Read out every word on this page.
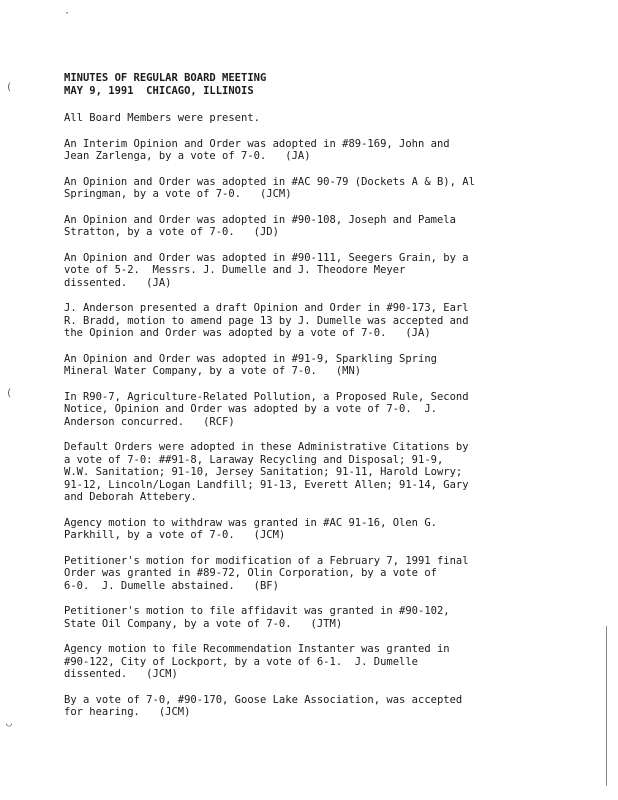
·
(
(
◡
MINUTES OF REGULAR BOARD MEETING
MAY 9, 1991  CHICAGO, ILLINOIS
All Board Members were present.
An Interim Opinion and Order was adopted in #89-169, John and
Jean Zarlenga, by a vote of 7-0.   (JA)
An Opinion and Order was adopted in #AC 90-79 (Dockets A & B), Al
Springman, by a vote of 7-0.   (JCM)
An Opinion and Order was adopted in #90-108, Joseph and Pamela
Stratton, by a vote of 7-0.   (JD)
An Opinion and Order was adopted in #90-111, Seegers Grain, by a
vote of 5-2.  Messrs. J. Dumelle and J. Theodore Meyer
dissented.   (JA)
J. Anderson presented a draft Opinion and Order in #90-173, Earl
R. Bradd, motion to amend page 13 by J. Dumelle was accepted and
the Opinion and Order was adopted by a vote of 7-0.   (JA)
An Opinion and Order was adopted in #91-9, Sparkling Spring
Mineral Water Company, by a vote of 7-0.   (MN)
In R90-7, Agriculture-Related Pollution, a Proposed Rule, Second
Notice, Opinion and Order was adopted by a vote of 7-0.  J.
Anderson concurred.   (RCF)
Default Orders were adopted in these Administrative Citations by
a vote of 7-0: ##91-8, Laraway Recycling and Disposal; 91-9,
W.W. Sanitation; 91-10, Jersey Sanitation; 91-11, Harold Lowry;
91-12, Lincoln/Logan Landfill; 91-13, Everett Allen; 91-14, Gary
and Deborah Attebery.
Agency motion to withdraw was granted in #AC 91-16, Olen G.
Parkhill, by a vote of 7-0.   (JCM)
Petitioner's motion for modification of a February 7, 1991 final
Order was granted in #89-72, Olin Corporation, by a vote of
6-0.  J. Dumelle abstained.   (BF)
Petitioner's motion to file affidavit was granted in #90-102,
State Oil Company, by a vote of 7-0.   (JTM)
Agency motion to file Recommendation Instanter was granted in
#90-122, City of Lockport, by a vote of 6-1.  J. Dumelle
dissented.   (JCM)
By a vote of 7-0, #90-170, Goose Lake Association, was accepted
for hearing.   (JCM)
